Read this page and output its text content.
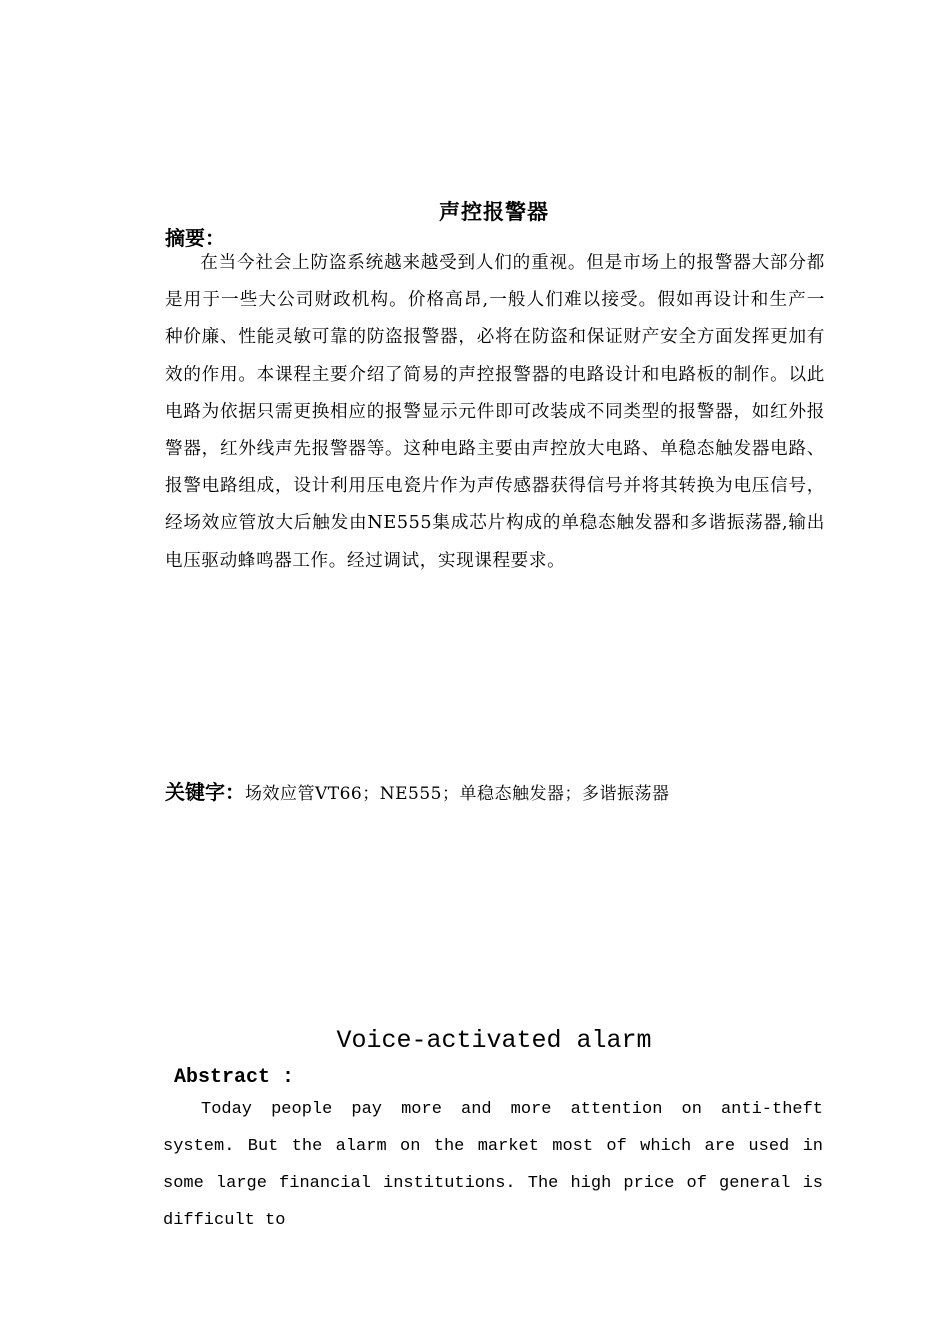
声控报警器
摘要：
在当今社会上防盗系统越来越受到人们的重视。但是市场上的报警器大部分都是用于一些大公司财政机构。价格高昂,一般人们难以接受。假如再设计和生产一种价廉、性能灵敏可靠的防盗报警器，必将在防盗和保证财产安全方面发挥更加有效的作用。本课程主要介绍了简易的声控报警器的电路设计和电路板的制作。以此电路为依据只需更换相应的报警显示元件即可改装成不同类型的报警器，如红外报警器，红外线声先报警器等。这种电路主要由声控放大电路、单稳态触发器电路、报警电路组成，设计利用压电瓷片作为声传感器获得信号并将其转换为电压信号，经场效应管放大后触发由NE555集成芯片构成的单稳态触发器和多谐振荡器,输出电压驱动蜂鸣器工作。经过调试，实现课程要求。
关键字：场效应管VT66；NE555；单稳态触发器；多谐振荡器
Voice-activated alarm
Abstract :
Today people pay more and more attention on anti-theft system. But the alarm on the market most of which are used in some large financial institutions. The high price of general is difficult to
